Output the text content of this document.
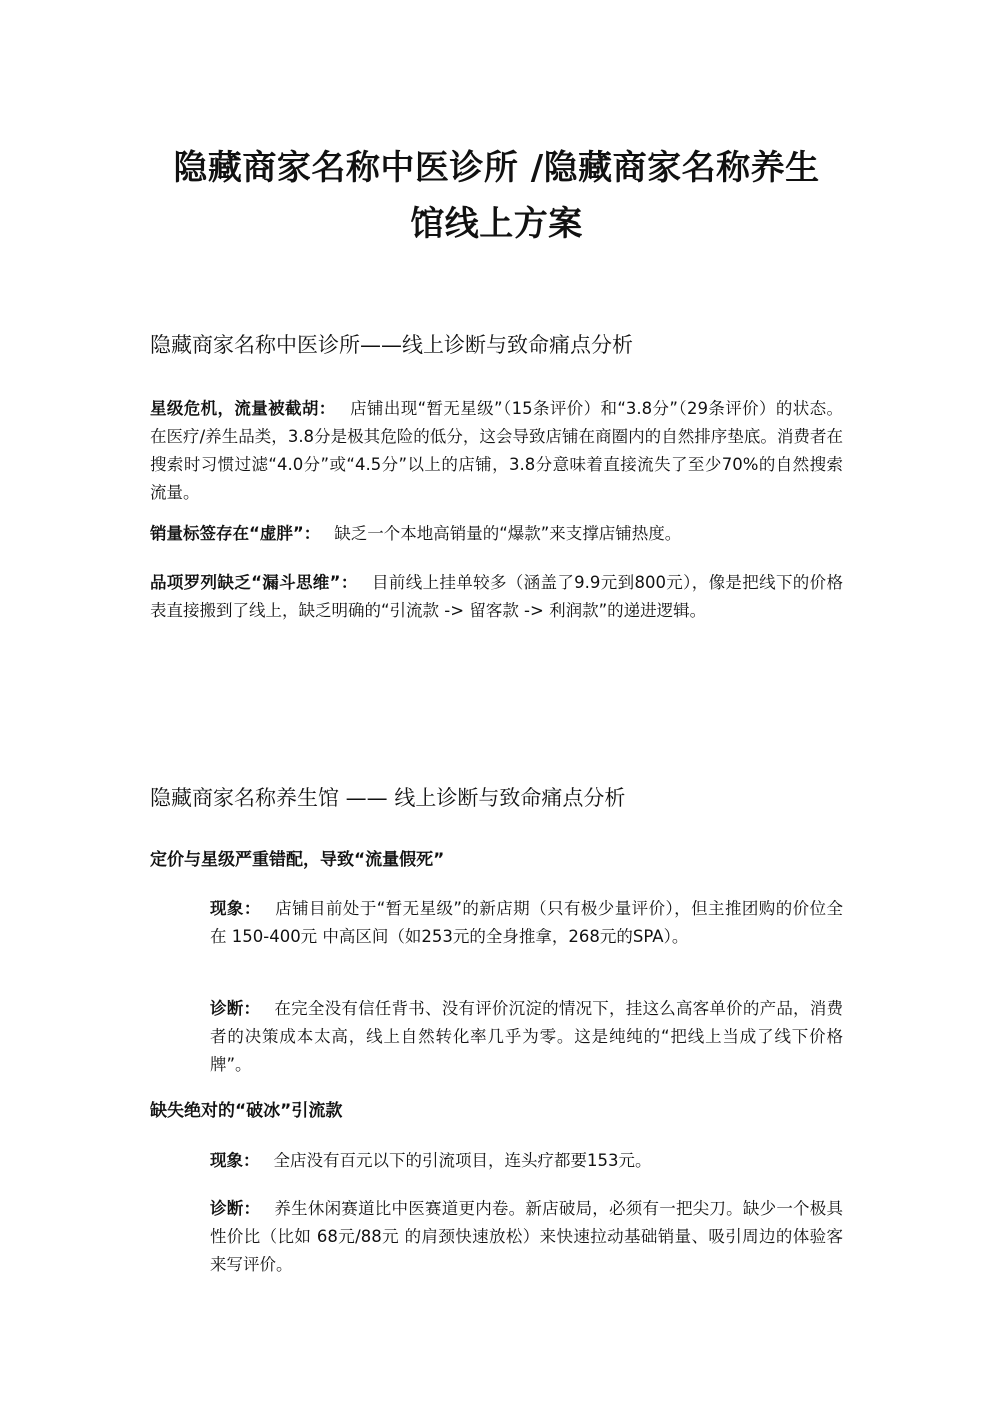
隐藏商家名称中医诊所 /隐藏商家名称养生
馆线上方案
隐藏商家名称中医诊所——线上诊断与致命痛点分析

星级危机，流量被截胡： 店铺出现“暂无星级”（15条评价）和“3.8分”（29条评价）的状态。在医疗/养生品类，3.8分是极其危险的低分，这会导致店铺在商圈内的自然排序垫底。消费者在搜索时习惯过滤“4.0分”或“4.5分”以上的店铺，3.8分意味着直接流失了至少70%的自然搜索流量。

销量标签存在“虚胖”： 缺乏一个本地高销量的“爆款”来支撑店铺热度。

品项罗列缺乏“漏斗思维”： 目前线上挂单较多（涵盖了9.9元到800元），像是把线下的价格表直接搬到了线上，缺乏明确的“引流款 -> 留客款 -> 利润款”的递进逻辑。

隐藏商家名称养生馆 —— 线上诊断与致命痛点分析
定价与星级严重错配，导致“流量假死”

现象： 店铺目前处于“暂无星级”的新店期（只有极少量评价），但主推团购的价位全在 150-400元 中高区间（如253元的全身推拿，268元的SPA）。

诊断： 在完全没有信任背书、没有评价沉淀的情况下，挂这么高客单价的产品，消费者的决策成本太高，线上自然转化率几乎为零。这是纯纯的“把线上当成了线下价格牌”。

缺失绝对的“破冰”引流款

现象： 全店没有百元以下的引流项目，连头疗都要153元。

诊断： 养生休闲赛道比中医赛道更内卷。新店破局，必须有一把尖刀。缺少一个极具性价比（比如 68元/88元 的肩颈快速放松）来快速拉动基础销量、吸引周边的体验客来写评价。
